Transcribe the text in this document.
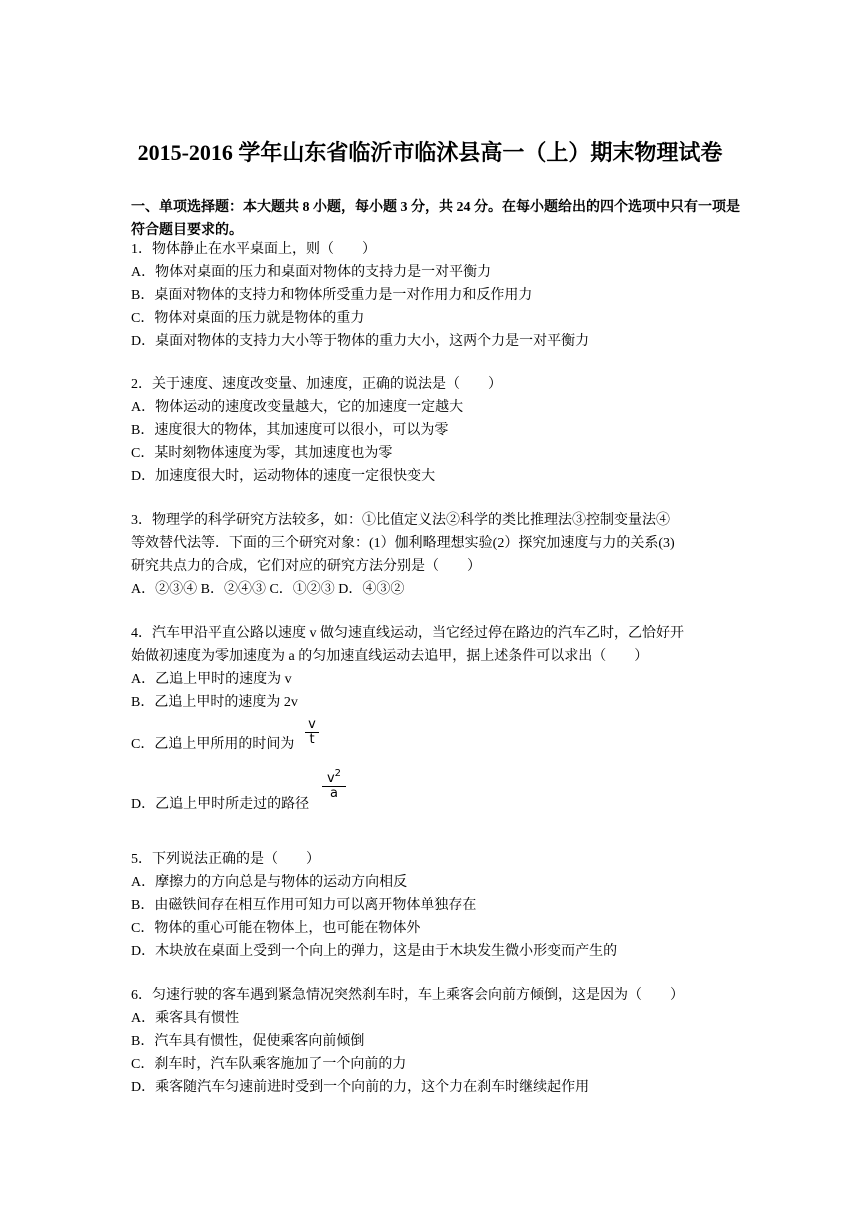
2015-2016 学年山东省临沂市临沭县高一（上）期末物理试卷
一、单项选择题：本大题共 8 小题，每小题 3 分，共 24 分。在每小题给出的四个选项中只有一项是符合题目要求的。
1．物体静止在水平桌面上，则（　　）
A．物体对桌面的压力和桌面对物体的支持力是一对平衡力
B．桌面对物体的支持力和物体所受重力是一对作用力和反作用力
C．物体对桌面的压力就是物体的重力
D．桌面对物体的支持力大小等于物体的重力大小，这两个力是一对平衡力
2．关于速度、速度改变量、加速度，正确的说法是（　　）
A．物体运动的速度改变量越大，它的加速度一定越大
B．速度很大的物体，其加速度可以很小，可以为零
C．某时刻物体速度为零，其加速度也为零
D．加速度很大时，运动物体的速度一定很快变大
3．物理学的科学研究方法较多，如：①比值定义法②科学的类比推理法③控制变量法④
等效替代法等．下面的三个研究对象：(1）伽利略理想实验(2）探究加速度与力的关系(3)
研究共点力的合成，它们对应的研究方法分别是（　　）
A．②③④ B．②④③ C．①②③ D．④③②
4．汽车甲沿平直公路以速度 v 做匀速直线运动，当它经过停在路边的汽车乙时，乙恰好开
始做初速度为零加速度为 a 的匀加速直线运动去追甲，据上述条件可以求出（　　）
A．乙追上甲时的速度为 v
B．乙追上甲时的速度为 2v
C．乙追上甲所用的时间为
v
t
D．乙追上甲时所走过的路径
$v^2$
a
5．下列说法正确的是（　　）
A．摩擦力的方向总是与物体的运动方向相反
B．由磁铁间存在相互作用可知力可以离开物体单独存在
C．物体的重心可能在物体上，也可能在物体外
D．木块放在桌面上受到一个向上的弹力，这是由于木块发生微小形变而产生的
6．匀速行驶的客车遇到紧急情况突然刹车时，车上乘客会向前方倾倒，这是因为（　　）
A．乘客具有惯性
B．汽车具有惯性，促使乘客向前倾倒
C．刹车时，汽车队乘客施加了一个向前的力
D．乘客随汽车匀速前进时受到一个向前的力，这个力在刹车时继续起作用
